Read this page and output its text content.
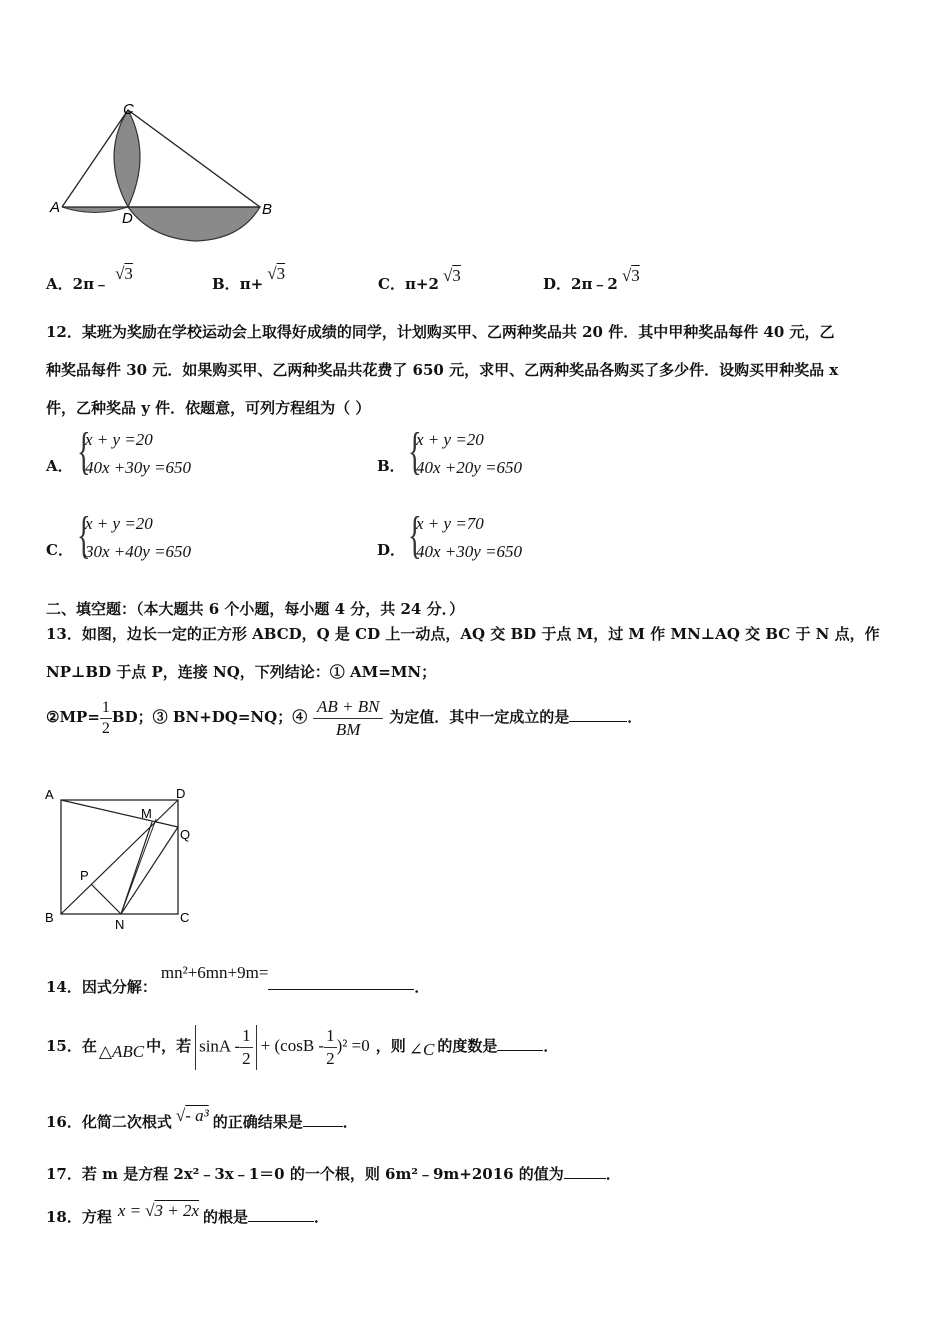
C
A
D
B
A．2π﹣√3
B．π+√3
C．π+2 √3	D．2π﹣2 √3
12．某班为奖励在学校运动会上取得好成绩的同学，计划购买甲、乙两种奖品共 20 件．其中甲种奖品每件 40 元，乙
种奖品每件 30 元．如果购买甲、乙两种奖品共花费了 650 元，求甲、乙两种奖品各购买了多少件．设购买甲种奖品 x
件，乙种奖品 y 件．依题意，可列方程组为（ ）
A． {
x + y =20
40x +30y =650	B． {
x + y =20
40x +20y =650
C． {
x + y =20
30x +40y =650	D． {
x + y =70
40x +30y =650
二、填空题：（本大题共 6 个小题，每小题 4 分，共 24 分．）
13．如图，边长一定的正方形 ABCD，Q 是 CD 上一动点，AQ 交 BD 于点 M，过 M 作 MN⊥AQ 交 BC 于 N 点，作
NP⊥BD 于点 P，连接 NQ，下列结论：① AM=MN；
②MP= $\frac{1}{2}$ BD；③ BN+DQ=NQ；④ $\frac{AB + BN}{BM}$ 为定值．其中一定成立的是	．
A	D
M
Q
P
B	N	C
14．因式分解：mn²+6mn+9m=．
15．在 △ABC 中，若 $\sin A - \frac{1}{2} + (\cos B - \frac{1}{2} )^2 =0$ ，则 ∠C 的度数是	．
16．化简二次根式 √- a³ 的正确结果是	．
17．若 m 是方程 2x²﹣3x﹣1＝0 的一个根，则 6m²﹣9m+2016 的值为	．
18．方程 x = √3 + 2x 的根是	．
